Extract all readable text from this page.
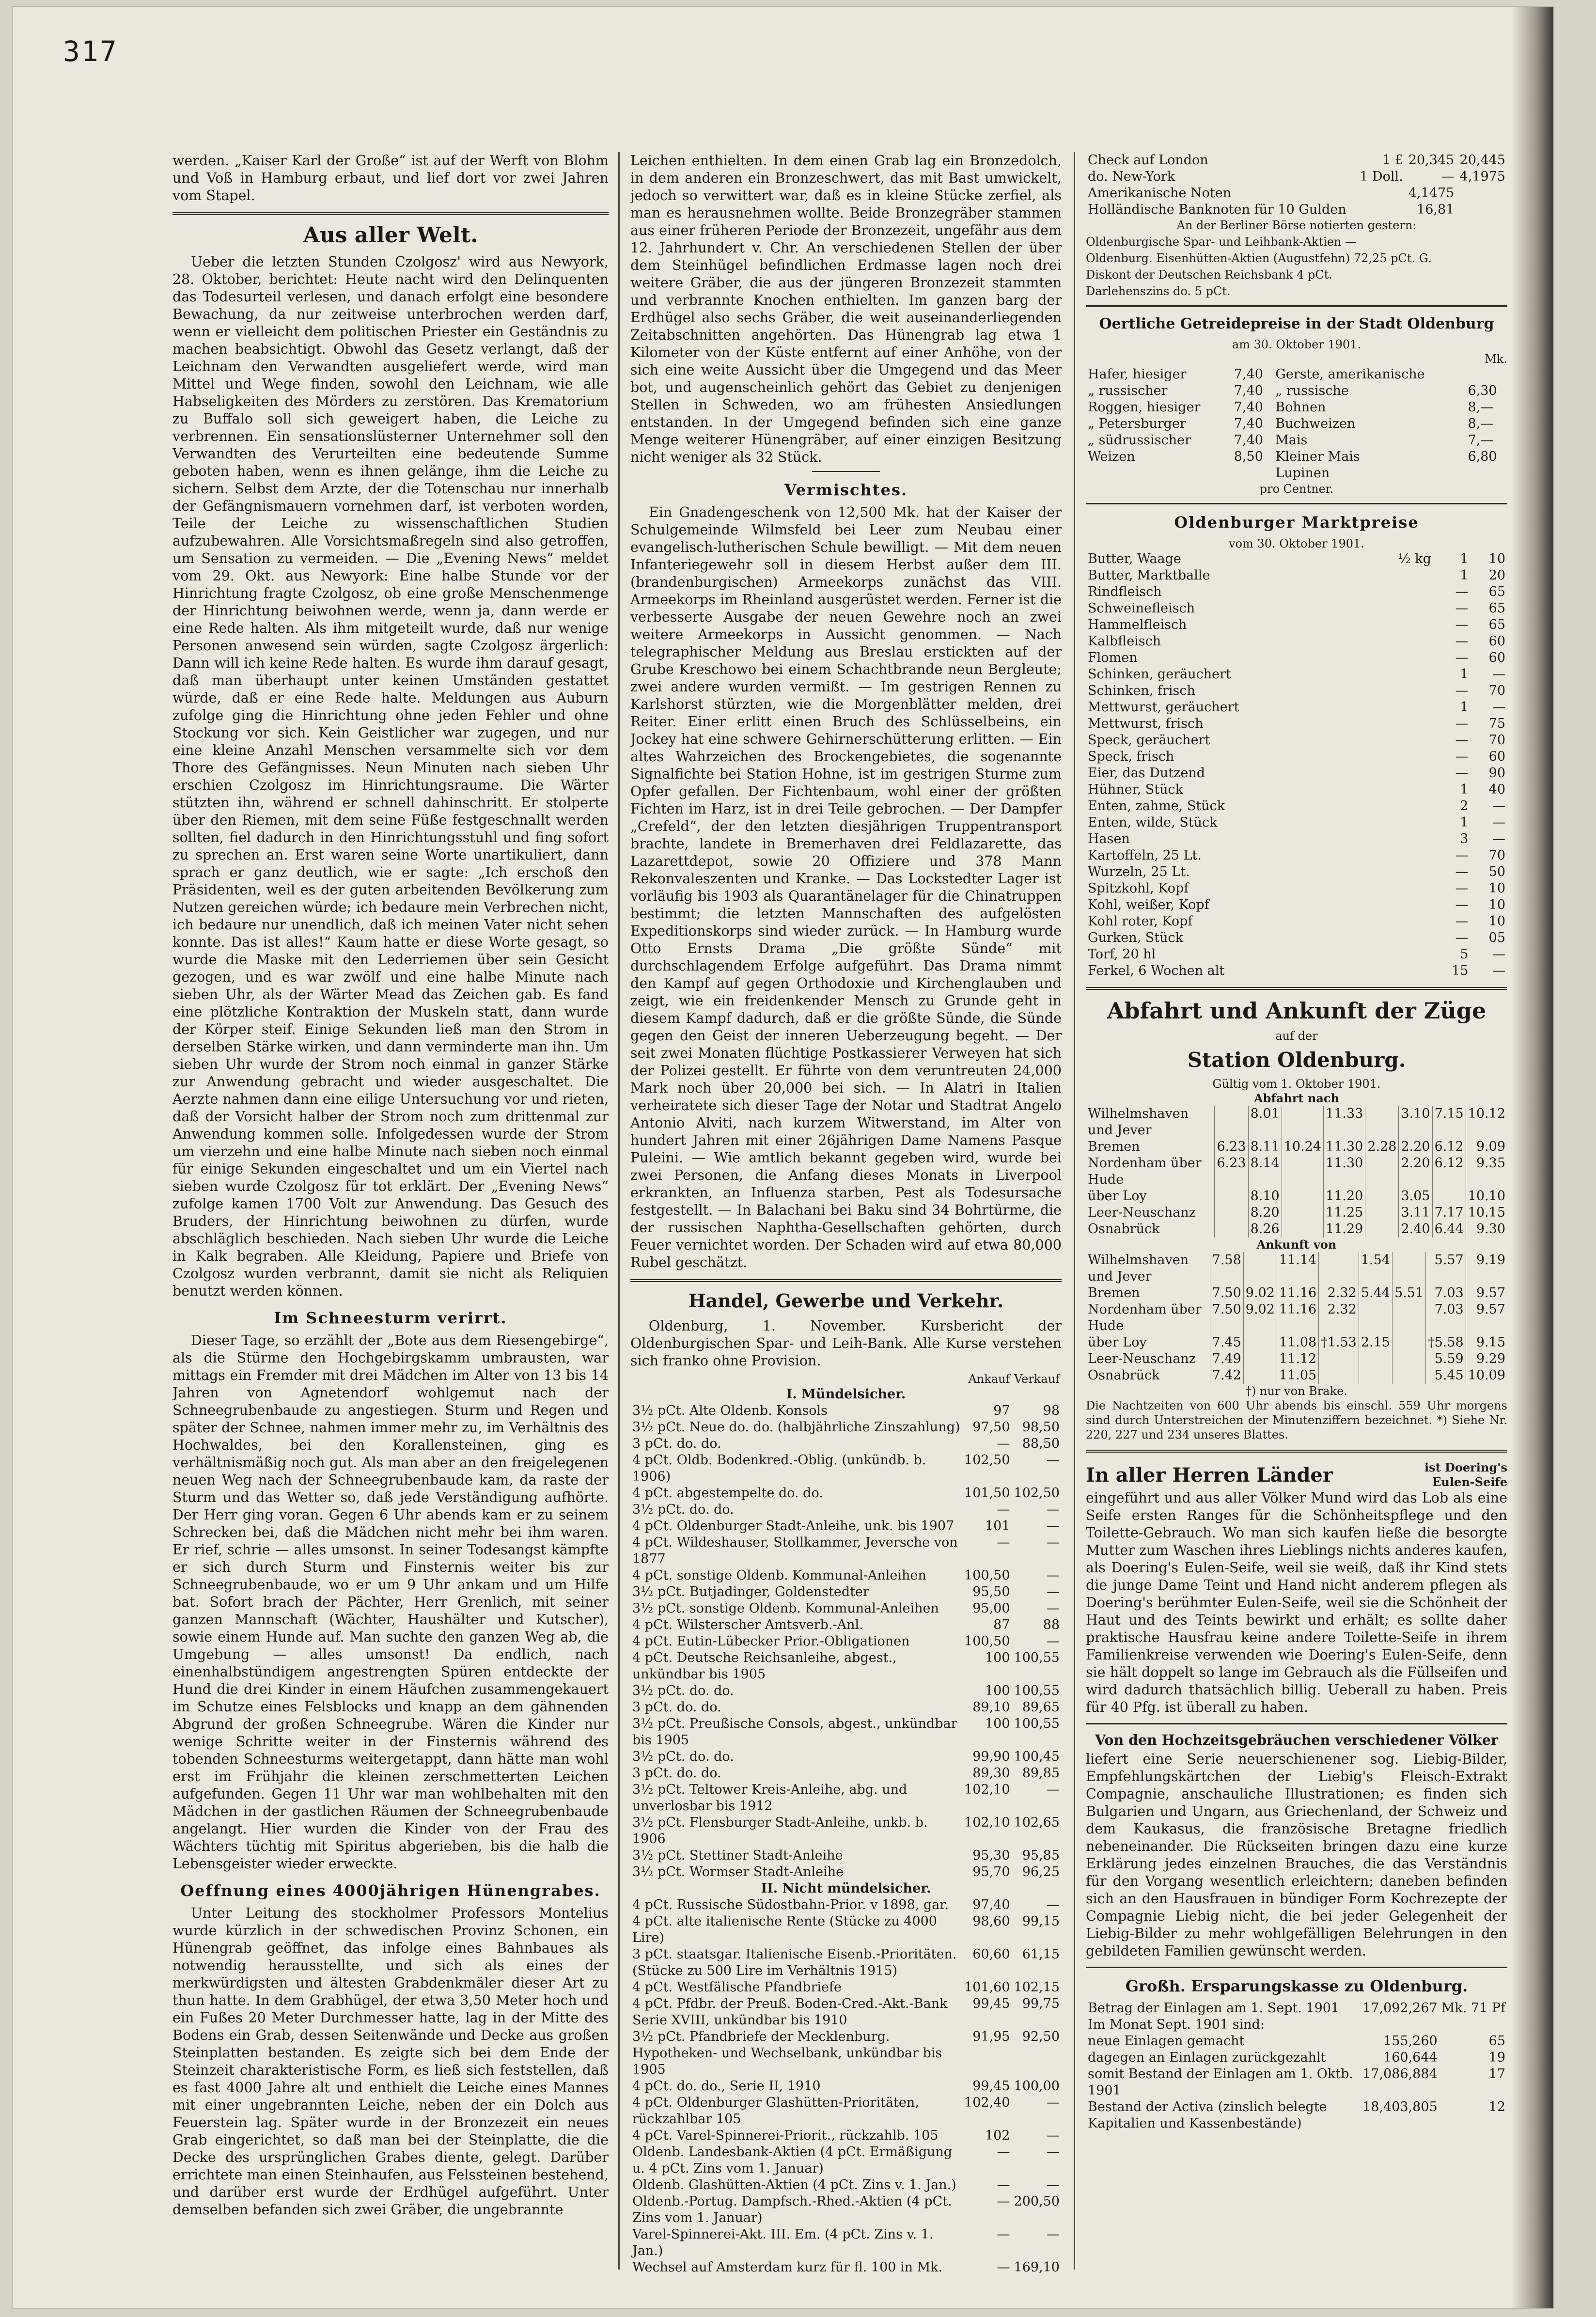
317

werden. „Kaiser Karl der Große“ ist auf der Werft von Blohm und Voß in Hamburg erbaut, und lief dort vor zwei Jahren vom Stapel.

Aus aller Welt.

Ueber die letzten Stunden Czolgosz' wird aus Newyork, 28. Oktober, berichtet: Heute nacht wird den Delinquenten das Todesurteil verlesen, und danach erfolgt eine besondere Bewachung, da nur zeitweise unterbrochen werden darf, wenn er vielleicht dem politischen Priester ein Geständnis zu machen beabsichtigt. Obwohl das Gesetz verlangt, daß der Leichnam den Verwandten ausgeliefert werde, wird man Mittel und Wege finden, sowohl den Leichnam, wie alle Habseligkeiten des Mörders zu zerstören. Das Krematorium zu Buffalo soll sich geweigert haben, die Leiche zu verbrennen. Ein sensationslüsterner Unternehmer soll den Verwandten des Verurteilten eine bedeutende Summe geboten haben, wenn es ihnen gelänge, ihm die Leiche zu sichern. Selbst dem Arzte, der die Totenschau nur innerhalb der Gefängnismauern vornehmen darf, ist verboten worden, Teile der Leiche zu wissenschaftlichen Studien aufzubewahren. Alle Vorsichtsmaßregeln sind also getroffen, um Sensation zu vermeiden. — Die „Evening News“ meldet vom 29. Okt. aus Newyork: Eine halbe Stunde vor der Hinrichtung fragte Czolgosz, ob eine große Menschenmenge der Hinrichtung beiwohnen werde, wenn ja, dann werde er eine Rede halten. Als ihm mitgeteilt wurde, daß nur wenige Personen anwesend sein würden, sagte Czolgosz ärgerlich: Dann will ich keine Rede halten. Es wurde ihm darauf gesagt, daß man überhaupt unter keinen Umständen gestattet würde, daß er eine Rede halte. Meldungen aus Auburn zufolge ging die Hinrichtung ohne jeden Fehler und ohne Stockung vor sich. Kein Geistlicher war zugegen, und nur eine kleine Anzahl Menschen versammelte sich vor dem Thore des Gefängnisses. Neun Minuten nach sieben Uhr erschien Czolgosz im Hinrichtungsraume. Die Wärter stützten ihn, während er schnell dahinschritt. Er stolperte über den Riemen, mit dem seine Füße festgeschnallt werden sollten, fiel dadurch in den Hinrichtungsstuhl und fing sofort zu sprechen an. Erst waren seine Worte unartikuliert, dann sprach er ganz deutlich, wie er sagte: „Ich erschoß den Präsidenten, weil es der guten arbeitenden Bevölkerung zum Nutzen gereichen würde; ich bedaure mein Verbrechen nicht, ich bedaure nur unendlich, daß ich meinen Vater nicht sehen konnte. Das ist alles!“ Kaum hatte er diese Worte gesagt, so wurde die Maske mit den Lederriemen über sein Gesicht gezogen, und es war zwölf und eine halbe Minute nach sieben Uhr, als der Wärter Mead das Zeichen gab. Es fand eine plötzliche Kontraktion der Muskeln statt, dann wurde der Körper steif. Einige Sekunden ließ man den Strom in derselben Stärke wirken, und dann verminderte man ihn. Um sieben Uhr wurde der Strom noch einmal in ganzer Stärke zur Anwendung gebracht und wieder ausgeschaltet. Die Aerzte nahmen dann eine eilige Untersuchung vor und rieten, daß der Vorsicht halber der Strom noch zum drittenmal zur Anwendung kommen solle. Infolgedessen wurde der Strom um vierzehn und eine halbe Minute nach sieben noch einmal für einige Sekunden eingeschaltet und um ein Viertel nach sieben wurde Czolgosz für tot erklärt. Der „Evening News“ zufolge kamen 1700 Volt zur Anwendung. Das Gesuch des Bruders, der Hinrichtung beiwohnen zu dürfen, wurde abschläglich beschieden. Nach sieben Uhr wurde die Leiche in Kalk begraben. Alle Kleidung, Papiere und Briefe von Czolgosz wurden verbrannt, damit sie nicht als Reliquien benutzt werden können.

Im Schneesturm verirrt.

Dieser Tage, so erzählt der „Bote aus dem Riesengebirge“, als die Stürme den Hochgebirgskamm umbrausten, war mittags ein Fremder mit drei Mädchen im Alter von 13 bis 14 Jahren von Agnetendorf wohlgemut nach der Schneegrubenbaude zu angestiegen. Sturm und Regen und später der Schnee, nahmen immer mehr zu, im Verhältnis des Hochwaldes, bei den Korallensteinen, ging es verhältnismäßig noch gut. Als man aber an den freigelegenen neuen Weg nach der Schneegrubenbaude kam, da raste der Sturm und das Wetter so, daß jede Verständigung aufhörte. Der Herr ging voran. Gegen 6 Uhr abends kam er zu seinem Schrecken bei, daß die Mädchen nicht mehr bei ihm waren. Er rief, schrie — alles umsonst. In seiner Todesangst kämpfte er sich durch Sturm und Finsternis weiter bis zur Schneegrubenbaude, wo er um 9 Uhr ankam und um Hilfe bat. Sofort brach der Pächter, Herr Grenlich, mit seiner ganzen Mannschaft (Wächter, Haushälter und Kutscher), sowie einem Hunde auf. Man suchte den ganzen Weg ab, die Umgebung — alles umsonst! Da endlich, nach einenhalbstündigem angestrengten Spüren entdeckte der Hund die drei Kinder in einem Häufchen zusammengekauert im Schutze eines Felsblocks und knapp an dem gähnenden Abgrund der großen Schneegrube. Wären die Kinder nur wenige Schritte weiter in der Finsternis während des tobenden Schneesturms weitergetappt, dann hätte man wohl erst im Frühjahr die kleinen zerschmetterten Leichen aufgefunden. Gegen 11 Uhr war man wohlbehalten mit den Mädchen in der gastlichen Räumen der Schneegrubenbaude angelangt. Hier wurden die Kinder von der Frau des Wächters tüchtig mit Spiritus abgerieben, bis die halb die Lebensgeister wieder erweckte.

Oeffnung eines 4000jährigen Hünengrabes.

Unter Leitung des stockholmer Professors Montelius wurde kürzlich in der schwedischen Provinz Schonen, ein Hünengrab geöffnet, das infolge eines Bahnbaues als notwendig herausstellte, und sich als eines der merkwürdigsten und ältesten Grabdenkmäler dieser Art zu thun hatte. In dem Grabhügel, der etwa 3,50 Meter hoch und ein Fußes 20 Meter Durchmesser hatte, lag in der Mitte des Bodens ein Grab, dessen Seitenwände und Decke aus großen Steinplatten bestanden. Es zeigte sich bei dem Ende der Steinzeit charakteristische Form, es ließ sich feststellen, daß es fast 4000 Jahre alt und enthielt die Leiche eines Mannes mit einer ungebrannten Leiche, neben der ein Dolch aus Feuerstein lag. Später wurde in der Bronzezeit ein neues Grab eingerichtet, so daß man bei der Steinplatte, die die Decke des ursprünglichen Grabes diente, gelegt. Darüber errichtete man einen Steinhaufen, aus Felssteinen bestehend, und darüber erst wurde der Erdhügel aufgeführt. Unter demselben befanden sich zwei Gräber, die ungebrannte

Leichen enthielten. In dem einen Grab lag ein Bronzedolch, in dem anderen ein Bronzeschwert, das mit Bast umwickelt, jedoch so verwittert war, daß es in kleine Stücke zerfiel, als man es herausnehmen wollte. Beide Bronzegräber stammen aus einer früheren Periode der Bronzezeit, ungefähr aus dem 12. Jahrhundert v. Chr. An verschiedenen Stellen der über dem Steinhügel befindlichen Erdmasse lagen noch drei weitere Gräber, die aus der jüngeren Bronzezeit stammten und verbrannte Knochen enthielten. Im ganzen barg der Erdhügel also sechs Gräber, die weit auseinanderliegenden Zeitabschnitten angehörten. Das Hünengrab lag etwa 1 Kilometer von der Küste entfernt auf einer Anhöhe, von der sich eine weite Aussicht über die Umgegend und das Meer bot, und augenscheinlich gehört das Gebiet zu denjenigen Stellen in Schweden, wo am frühesten Ansiedlungen entstanden. In der Umgegend befinden sich eine ganze Menge weiterer Hünengräber, auf einer einzigen Besitzung nicht weniger als 32 Stück.

Vermischtes.

Ein Gnadengeschenk von 12,500 Mk. hat der Kaiser der Schulgemeinde Wilmsfeld bei Leer zum Neubau einer evangelisch-lutherischen Schule bewilligt. — Mit dem neuen Infanteriegewehr soll in diesem Herbst außer dem III. (brandenburgischen) Armeekorps zunächst das VIII. Armeekorps im Rheinland ausgerüstet werden. Ferner ist die verbesserte Ausgabe der neuen Gewehre noch an zwei weitere Armeekorps in Aussicht genommen. — Nach telegraphischer Meldung aus Breslau erstickten auf der Grube Kreschowo bei einem Schachtbrande neun Bergleute; zwei andere wurden vermißt. — Im gestrigen Rennen zu Karlshorst stürzten, wie die Morgenblätter melden, drei Reiter. Einer erlitt einen Bruch des Schlüsselbeins, ein Jockey hat eine schwere Gehirnerschütterung erlitten. — Ein altes Wahrzeichen des Brockengebietes, die sogenannte Signalfichte bei Station Hohne, ist im gestrigen Sturme zum Opfer gefallen. Der Fichtenbaum, wohl einer der größten Fichten im Harz, ist in drei Teile gebrochen. — Der Dampfer „Crefeld“, der den letzten diesjährigen Truppentransport brachte, landete in Bremerhaven drei Feldlazarette, das Lazarettdepot, sowie 20 Offiziere und 378 Mann Rekonvaleszenten und Kranke. — Das Lockstedter Lager ist vorläufig bis 1903 als Quarantänelager für die Chinatruppen bestimmt; die letzten Mannschaften des aufgelösten Expeditionskorps sind wieder zurück. — In Hamburg wurde Otto Ernsts Drama „Die größte Sünde“ mit durchschlagendem Erfolge aufgeführt. Das Drama nimmt den Kampf auf gegen Orthodoxie und Kirchenglauben und zeigt, wie ein freidenkender Mensch zu Grunde geht in diesem Kampf dadurch, daß er die größte Sünde, die Sünde gegen den Geist der inneren Ueberzeugung begeht. — Der seit zwei Monaten flüchtige Postkassierer Verweyen hat sich der Polizei gestellt. Er führte von dem veruntreuten 24,000 Mark noch über 20,000 bei sich. — In Alatri in Italien verheiratete sich dieser Tage der Notar und Stadtrat Angelo Antonio Alviti, nach kurzem Witwerstand, im Alter von hundert Jahren mit einer 26jährigen Dame Namens Pasque Puleini. — Wie amtlich bekannt gegeben wird, wurde bei zwei Personen, die Anfang dieses Monats in Liverpool erkrankten, an Influenza starben, Pest als Todesursache festgestellt. — In Balachani bei Baku sind 34 Bohrtürme, die der russischen Naphtha-Gesellschaften gehörten, durch Feuer vernichtet worden. Der Schaden wird auf etwa 80,000 Rubel geschätzt.

Handel, Gewerbe und Verkehr.

Oldenburg, 1. November. Kursbericht der Oldenburgischen Spar- und Leih-Bank. Alle Kurse verstehen sich franko ohne Provision.

	Ankauf	Verkauf
I. Mündelsicher.		
3½ pCt. Alte Oldenb. Konsols	97	98
3½ pCt. Neue do. do. (halbjährliche Zinszahlung)	97,50	98,50
3 pCt. do. do.	—	88,50
4 pCt. Oldb. Bodenkred.-Oblig. (unkündb. b. 1906)	102,50	—
4 pCt. abgestempelte do. do.	101,50	102,50
3½ pCt. do. do.	—	—
4 pCt. Oldenburger Stadt-Anleihe, unk. bis 1907	101	—
4 pCt. Wildeshauser, Stollkammer, Jeversche von 1877	—	—
4 pCt. sonstige Oldenb. Kommunal-Anleihen	100,50	—
3½ pCt. Butjadinger, Goldenstedter	95,50	—
3½ pCt. sonstige Oldenb. Kommunal-Anleihen	95,00	—
4 pCt. Wilsterscher Amtsverb.-Anl.	87	88
4 pCt. Eutin-Lübecker Prior.-Obligationen	100,50	—
4 pCt. Deutsche Reichsanleihe, abgest., unkündbar bis 1905	100	100,55
3½ pCt. do. do.	100	100,55
3 pCt. do. do.	89,10	89,65
3½ pCt. Preußische Consols, abgest., unkündbar bis 1905	100	100,55
3½ pCt. do. do.	99,90	100,45
3 pCt. do. do.	89,30	89,85
3½ pCt. Teltower Kreis-Anleihe, abg. und unverlosbar bis 1912	102,10	—
3½ pCt. Flensburger Stadt-Anleihe, unkb. b. 1906	102,10	102,65
3½ pCt. Stettiner Stadt-Anleihe	95,30	95,85
3½ pCt. Wormser Stadt-Anleihe	95,70	96,25
II. Nicht mündelsicher.		
4 pCt. Russische Südostbahn-Prior. v 1898, gar.	97,40	—
4 pCt. alte italienische Rente (Stücke zu 4000 Lire)	98,60	99,15
3 pCt. staatsgar. Italienische Eisenb.-Prioritäten. (Stücke zu 500 Lire im Verhältnis 1915)	60,60	61,15
4 pCt. Westfälische Pfandbriefe	101,60	102,15
4 pCt. Pfdbr. der Preuß. Boden-Cred.-Akt.-Bank Serie XVIII, unkündbar bis 1910	99,45	99,75
3½ pCt. Pfandbriefe der Mecklenburg. Hypotheken- und Wechselbank, unkündbar bis 1905	91,95	92,50
4 pCt. do. do., Serie II, 1910	99,45	100,00
4 pCt. Oldenburger Glashütten-Prioritäten, rückzahlbar 105	102,40	—
4 pCt. Varel-Spinnerei-Priorit., rückzahlb. 105	102	—
Oldenb. Landesbank-Aktien (4 pCt. Ermäßigung u. 4 pCt. Zins vom 1. Januar)	—	—
Oldenb. Glashütten-Aktien (4 pCt. Zins v. 1. Jan.)	—	—
Oldenb.-Portug. Dampfsch.-Rhed.-Aktien (4 pCt. Zins vom 1. Januar)	—	200,50
Varel-Spinnerei-Akt. III. Em. (4 pCt. Zins v. 1. Jan.)	—	—
Wechsel auf Amsterdam kurz für fl. 100 in Mk.	—	169,10
Check auf London	1 £	20,345	20,445
do. New-York	1 Doll.	—	4,1975
Amerikanische Noten		4,1475	
Holländische Banknoten für 10 Gulden		16,81	
An der Berliner Börse notierten gestern:
Oldenburgische Spar- und Leihbank-Aktien —
Oldenburg. Eisenhütten-Aktien (Augustfehn) 72,25 pCt. G.
Diskont der Deutschen Reichsbank 4 pCt.
Darlehenszins do. 5 pCt.
Oertliche Getreidepreise in der Stadt Oldenburg
am 30. Oktober 1901.
Mk.
Hafer, hiesiger	7,40	Gerste, amerikanische	
„ russischer	7,40	„ russische	6,30
Roggen, hiesiger	7,40	Bohnen	8,—
„ Petersburger	7,40	Buchweizen	8,—
„ südrussischer	7,40	Mais	7,—
Weizen	8,50	Kleiner Mais	6,80
		Lupinen	
pro Centner.
Oldenburger Marktpreise
vom 30. Oktober 1901.
Butter, Waage	½ kg	1	10
Butter, Marktballe		1	20
Rindfleisch		—	65
Schweinefleisch		—	65
Hammelfleisch		—	65
Kalbfleisch		—	60
Flomen		—	60
Schinken, geräuchert		1	—
Schinken, frisch		—	70
Mettwurst, geräuchert		1	—
Mettwurst, frisch		—	75
Speck, geräuchert		—	70
Speck, frisch		—	60
Eier, das Dutzend		—	90
Hühner, Stück		1	40
Enten, zahme, Stück		2	—
Enten, wilde, Stück		1	—
Hasen		3	—
Kartoffeln, 25 Lt.		—	70
Wurzeln, 25 Lt.		—	50
Spitzkohl, Kopf		—	10
Kohl, weißer, Kopf		—	10
Kohl roter, Kopf		—	10
Gurken, Stück		—	05
Torf, 20 hl		5	—
Ferkel, 6 Wochen alt		15	—
Abfahrt und Ankunft der Züge
auf der
Station Oldenburg.
Gültig vom 1. Oktober 1901.
Abfahrt nach
Wilhelmshaven und Jever		8.01		11.33		3.10	7.15	10.12
Bremen	6.23	8.11	10.24	11.30	2.28	2.20	6.12	9.09
Nordenham über Hude	6.23	8.14		11.30		2.20	6.12	9.35
über Loy		8.10		11.20		3.05		10.10
Leer-Neuschanz		8.20		11.25		3.11	7.17	10.15
Osnabrück		8.26		11.29		2.40	6.44	9.30
Ankunft von
Wilhelmshaven und Jever	7.58		11.14		1.54		5.57	9.19
Bremen	7.50	9.02	11.16	2.32	5.44	5.51	7.03	9.57
Nordenham über Hude	7.50	9.02	11.16	2.32			7.03	9.57
über Loy	7.45		11.08	†1.53	2.15		†5.58	9.15
Leer-Neuschanz	7.49		11.12				5.59	9.29
Osnabrück	7.42		11.05				5.45	10.09
†) nur von Brake.
Die Nachtzeiten von 600 Uhr abends bis einschl. 559 Uhr morgens sind durch Unterstreichen der Minutenziffern bezeichnet. *) Siehe Nr. 220, 227 und 234 unseres Blattes.
In aller Herren Länder	ist Doering's Eulen-Seife

eingeführt und aus aller Völker Mund wird das Lob als eine Seife ersten Ranges für die Schönheitspflege und den Toilette-Gebrauch. Wo man sich kaufen ließe die besorgte Mutter zum Waschen ihres Lieblings nichts anderes kaufen, als Doering's Eulen-Seife, weil sie weiß, daß ihr Kind stets die junge Dame Teint und Hand nicht anderem pflegen als Doering's berühmter Eulen-Seife, weil sie die Schönheit der Haut und des Teints bewirkt und erhält; es sollte daher praktische Hausfrau keine andere Toilette-Seife in ihrem Familienkreise verwenden wie Doering's Eulen-Seife, denn sie hält doppelt so lange im Gebrauch als die Füllseifen und wird dadurch thatsächlich billig. Ueberall zu haben. Preis für 40 Pfg. ist überall zu haben.

Von den Hochzeitsgebräuchen verschiedener Völker

liefert eine Serie neuerschienener sog. Liebig-Bilder, Empfehlungskärtchen der Liebig's Fleisch-Extrakt Compagnie, anschauliche Illustrationen; es finden sich Bulgarien und Ungarn, aus Griechenland, der Schweiz und dem Kaukasus, die französische Bretagne friedlich nebeneinander. Die Rückseiten bringen dazu eine kurze Erklärung jedes einzelnen Brauches, die das Verständnis für den Vorgang wesentlich erleichtern; daneben befinden sich an den Hausfrauen in bündiger Form Kochrezepte der Compagnie Liebig nicht, die bei jeder Gelegenheit der Liebig-Bilder zu mehr wohlgefälligen Belehrungen in den gebildeten Familien gewünscht werden.

Großh. Ersparungskasse zu Oldenburg.
Betrag der Einlagen am 1. Sept. 1901	17,092,267	Mk. 71 Pf
Im Monat Sept. 1901 sind:		
neue Einlagen gemacht	155,260	65
dagegen an Einlagen zurückgezahlt	160,644	19
somit Bestand der Einlagen am 1. Oktb. 1901	17,086,884	17
Bestand der Activa (zinslich belegte Kapitalien und Kassenbestände)	18,403,805	12
